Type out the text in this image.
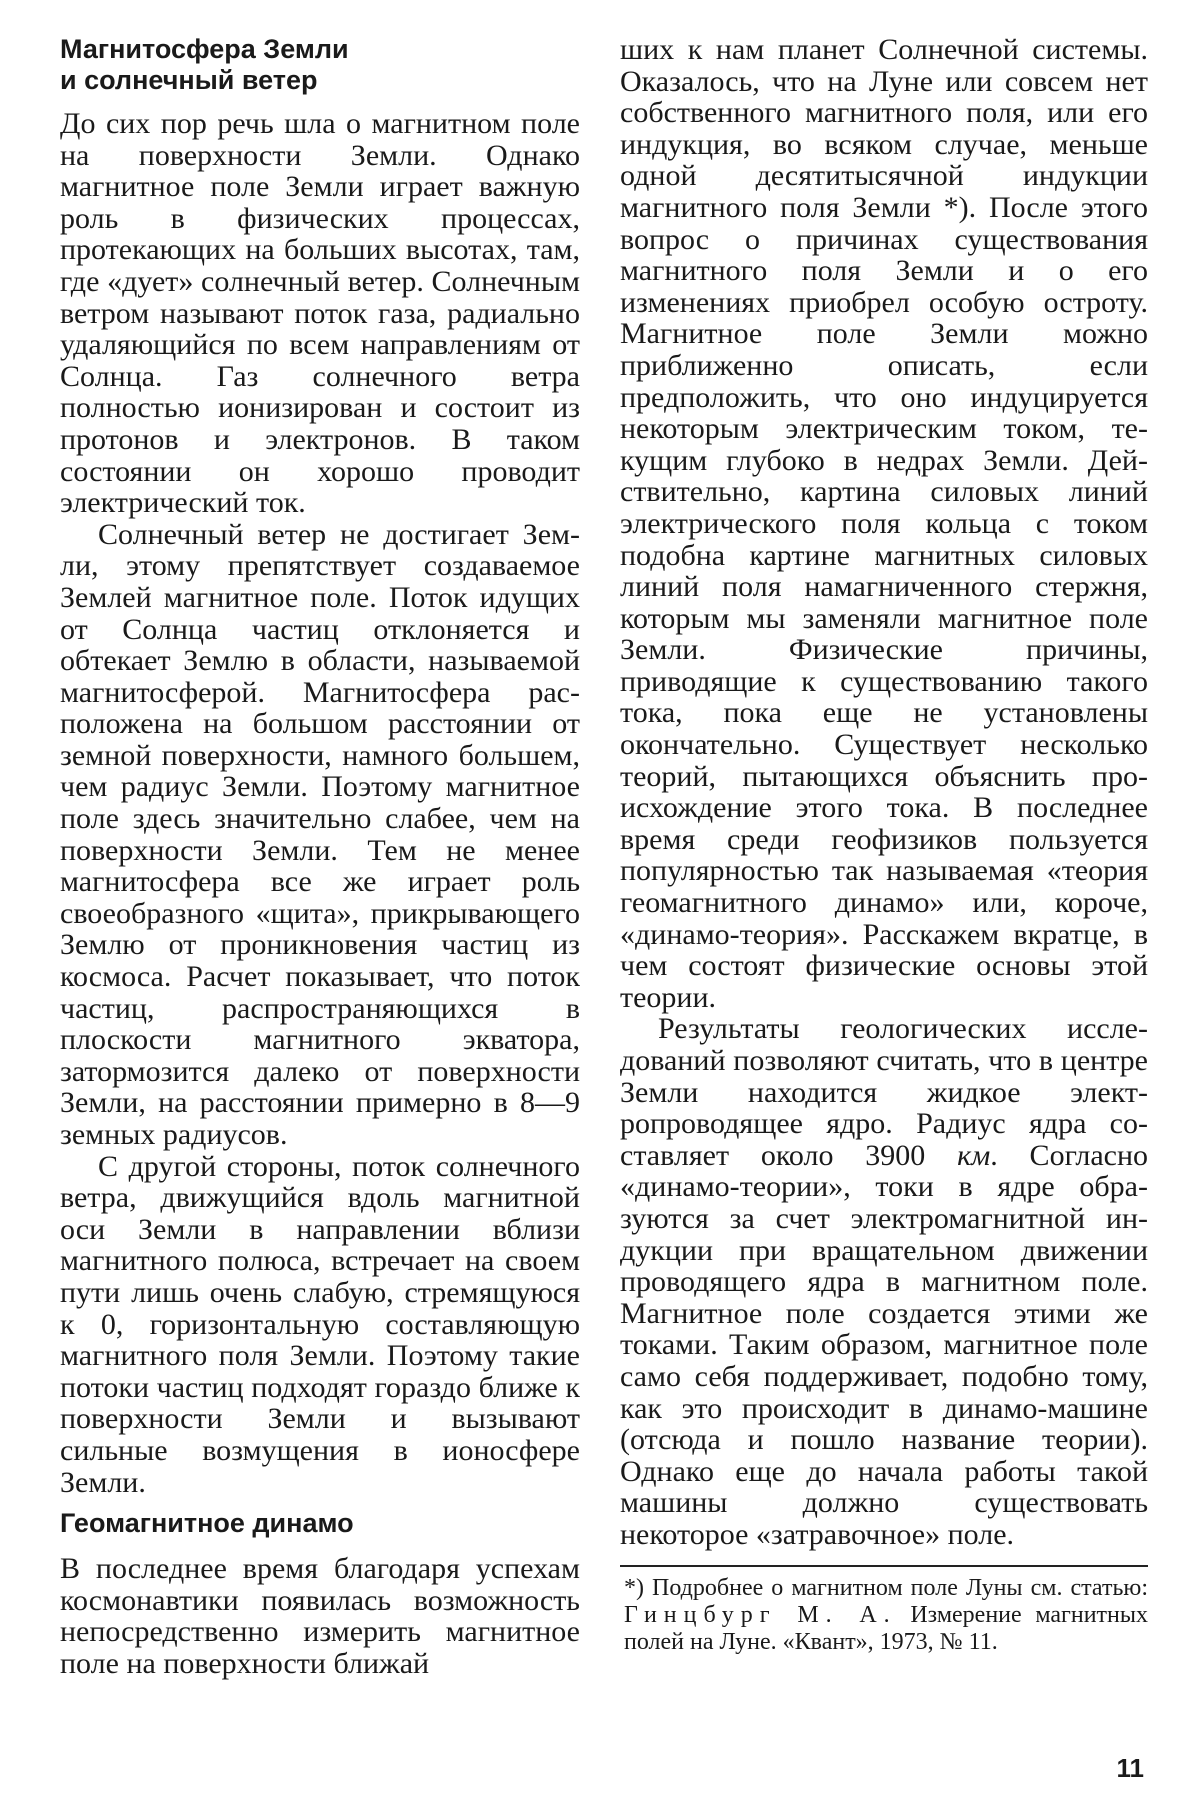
Магнитосфера Земли
и солнечный ветер

До сих пор речь шла о магнитном поле на поверхности Земли. Однако магнитное поле Земли играет важную роль в физических процессах, протекающих на больших высотах, там, где «дует» солнечный ветер. Солнечным ветром называют поток газа, радиально удаляющийся по всем направлениям от Солнца. Газ солнечного ветра полностью ионизирован и состоит из протонов и электронов. В таком состоянии он хорошо проводит электрический ток.

Солнечный ветер не достигает Земли, этому препятствует создаваемое Землей магнитное поле. Поток идущих от Солнца частиц отклоняется и обтекает Землю в области, называемой магнитосферой. Магнитосфера расположена на большом расстоянии от земной поверхности, намного большем, чем радиус Земли. Поэтому магнитное поле здесь значительно слабее, чем на поверхности Земли. Тем не менее магнитосфера все же играет роль своеобразного «щита», прикрывающего Землю от проникновения частиц из космоса. Расчет показывает, что поток частиц, распространяющихся в плоскости магнитного экватора, затормозится далеко от поверхности Земли, на расстоянии примерно в 8—9 земных радиусов.

С другой стороны, поток солнечного ветра, движущийся вдоль магнитной оси Земли в направлении вблизи магнитного полюса, встречает на своем пути лишь очень слабую, стремящуюся к 0, горизонтальную составляющую магнитного поля Земли. Поэтому такие потоки частиц подходят гораздо ближе к поверхности Земли и вызывают сильные возмущения в ионосфере Земли.

Геомагнитное динамо

В последнее время благодаря успехам космонавтики появилась возможность непосредственно измерить магнитное поле на поверхности ближай

ших к нам планет Солнечной системы. Оказалось, что на Луне или совсем нет собственного магнитного поля, или его индукция, во всяком случае, меньше одной десятитысячной индукции магнитного поля Земли *). После этого вопрос о причинах существования магнитного поля Земли и о его изменениях приобрел особую остроту. Магнитное поле Земли можно приближенно описать, если предположить, что оно индуцируется некоторым электрическим током, текущим глубоко в недрах Земли. Действительно, картина силовых линий электрического поля кольца с током подобна картине магнитных силовых линий поля намагниченного стержня, которым мы заменяли магнитное поле Земли. Физические причины, приводящие к существованию такого тока, пока еще не установлены окончательно. Существует несколько теорий, пытающихся объяснить происхождение этого тока. В последнее время среди геофизиков пользуется популярностью так называемая «теория геомагнитного динамо» или, короче, «динамо-теория». Расскажем вкратце, в чем состоят физические основы этой теории.

Результаты геологических исследований позволяют считать, что в центре Земли находится жидкое электропроводящее ядро. Радиус ядра составляет около 3900 км. Согласно «динамо-теории», токи в ядре образуются за счет электромагнитной индукции при вращательном движении проводящего ядра в магнитном поле. Магнитное поле создается этими же токами. Таким образом, магнитное поле само себя поддерживает, подобно тому, как это происходит в динамо-машине (отсюда и пошло название теории). Однако еще до начала работы такой машины должно существовать некоторое «затравочное» поле.

*) Подробнее о магнитном поле Луны см. статью: Гинцбург М. А. Измерение магнитных полей на Луне. «Квант», 1973, № 11.

11
